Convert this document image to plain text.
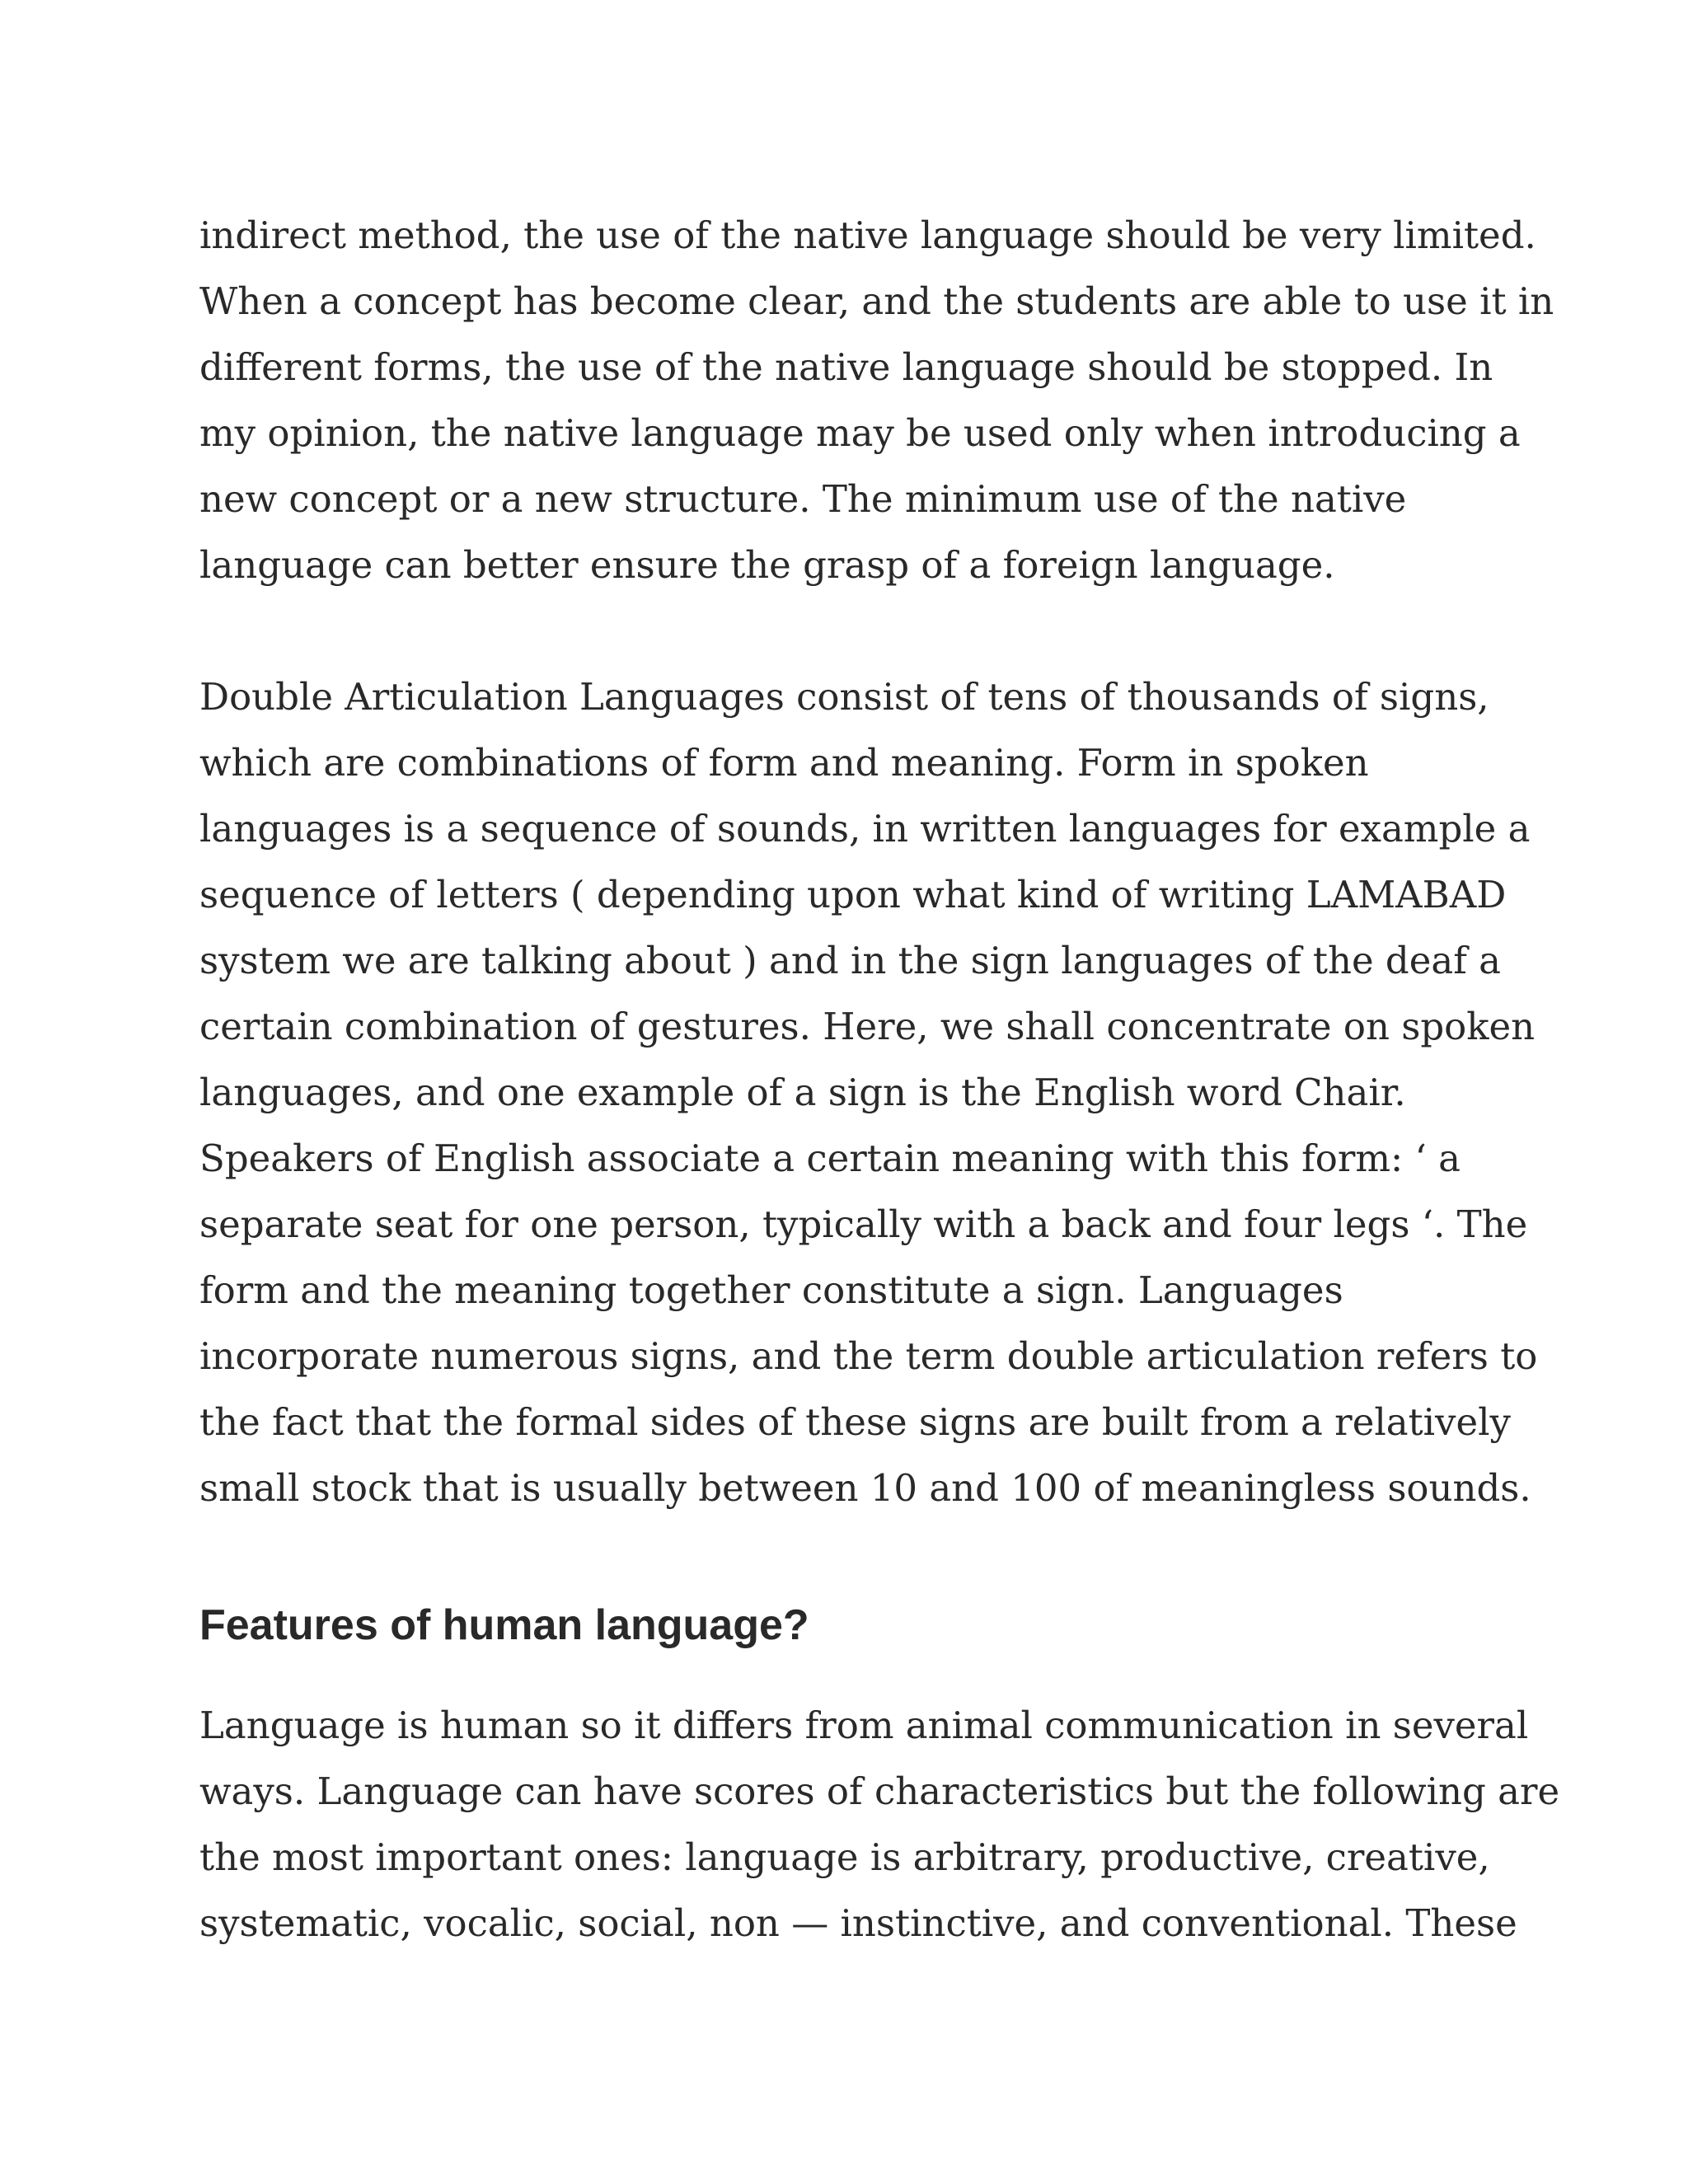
indirect method, the use of the native language should be very limited.
When a concept has become clear, and the students are able to use it in
different forms, the use of the native language should be stopped. In
my opinion, the native language may be used only when introducing a
new concept or a new structure. The minimum use of the native
language can better ensure the grasp of a foreign language.

Double Articulation Languages consist of tens of thousands of signs,
which are combinations of form and meaning. Form in spoken
languages is a sequence of sounds, in written languages for example a
sequence of letters ( depending upon what kind of writing LAMABAD
system we are talking about ) and in the sign languages of the deaf a
certain combination of gestures. Here, we shall concentrate on spoken
languages, and one example of a sign is the English word Chair.
Speakers of English associate a certain meaning with this form: ‘ a
separate seat for one person, typically with a back and four legs ‘. The
form and the meaning together constitute a sign. Languages
incorporate numerous signs, and the term double articulation refers to
the fact that the formal sides of these signs are built from a relatively
small stock that is usually between 10 and 100 of meaningless sounds.

Features of human language?

Language is human so it differs from animal communication in several
ways. Language can have scores of characteristics but the following are
the most important ones: language is arbitrary, productive, creative,
systematic, vocalic, social, non — instinctive, and conventional. These
